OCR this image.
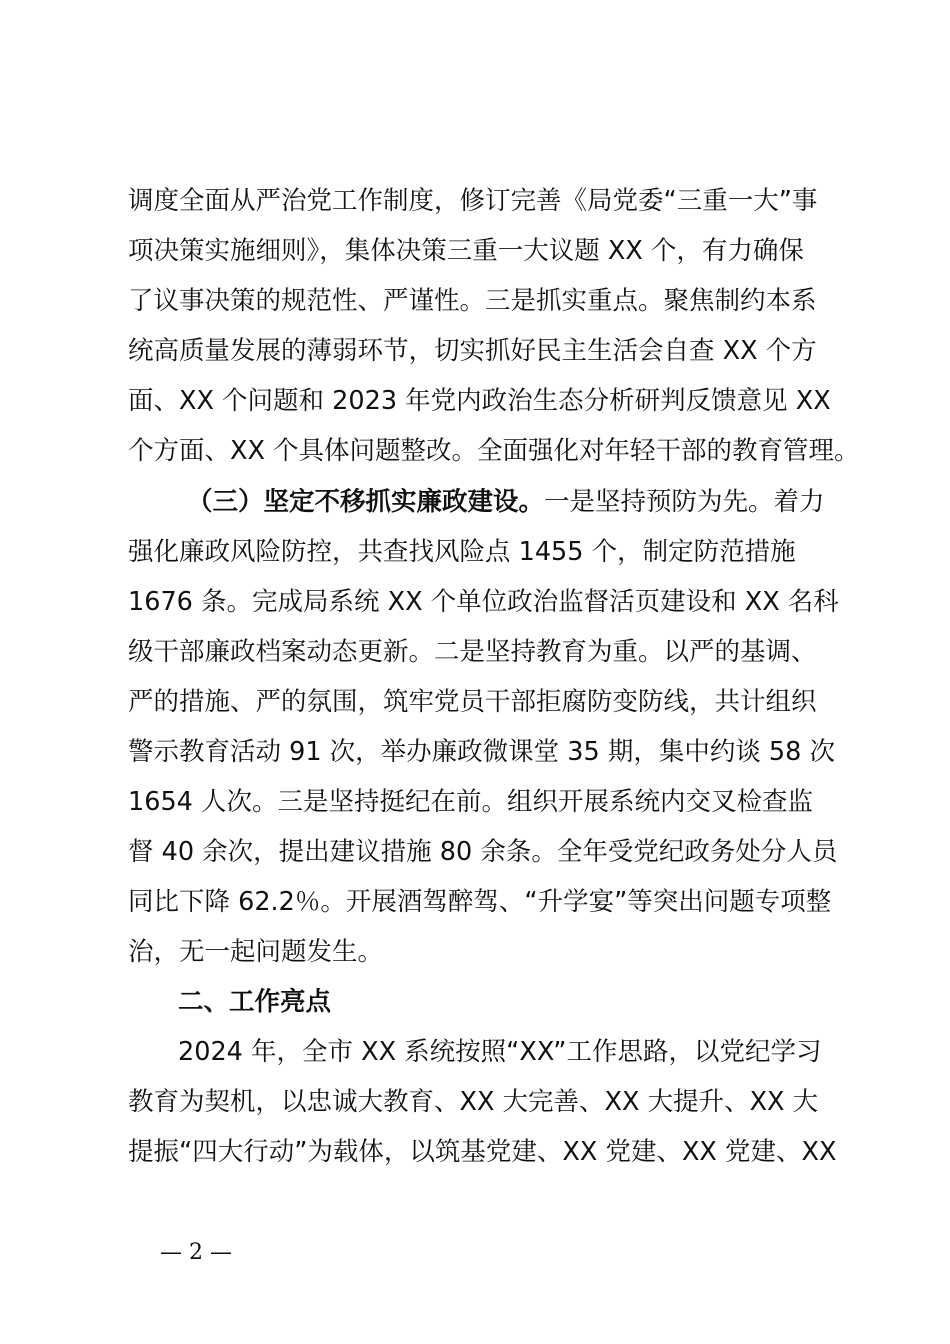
调度全面从严治党工作制度，修订完善《局党委“三重一大”事
项决策实施细则》，集体决策三重一大议题 XX 个，有力确保
了议事决策的规范性、严谨性。三是抓实重点。聚焦制约本系
统高质量发展的薄弱环节，切实抓好民主生活会自查 XX 个方
面、XX 个问题和 2023 年党内政治生态分析研判反馈意见 XX
个方面、XX 个具体问题整改。全面强化对年轻干部的教育管理。
（三）坚定不移抓实廉政建设。一是坚持预防为先。着力
强化廉政风险防控，共查找风险点 1455 个，制定防范措施
1676 条。完成局系统 XX 个单位政治监督活页建设和 XX 名科
级干部廉政档案动态更新。二是坚持教育为重。以严的基调、
严的措施、严的氛围，筑牢党员干部拒腐防变防线，共计组织
警示教育活动 91 次，举办廉政微课堂 35 期，集中约谈 58 次
1654 人次。三是坚持挺纪在前。组织开展系统内交叉检查监
督 40 余次，提出建议措施 80 余条。全年受党纪政务处分人员
同比下降 62.2％。开展酒驾醉驾、“升学宴”等突出问题专项整
治，无一起问题发生。
二、工作亮点
2024 年，全市 XX 系统按照“XX”工作思路，以党纪学习
教育为契机，以忠诚大教育、XX 大完善、XX 大提升、XX 大
提振“四大行动”为载体，以筑基党建、XX 党建、XX 党建、XX
— 2 —
